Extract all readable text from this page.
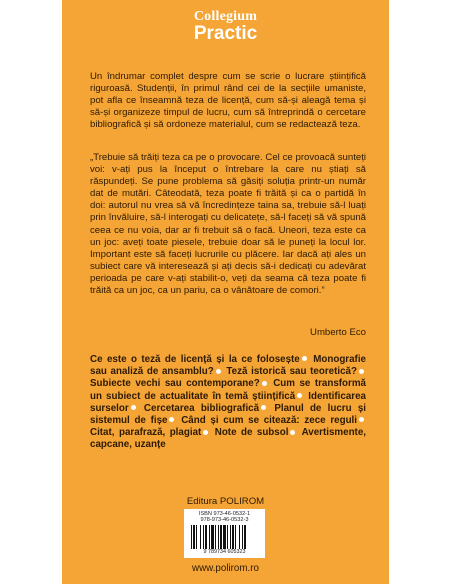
Collegium
Practic

Un îndrumar complet despre cum se scrie o lucrare științifică riguroasă. Studenții, în primul rând cei de la secțiile umaniste, pot afla ce înseamnă teza de licență, cum să-și aleagă tema și să-și organizeze timpul de lucru, cum să întreprindă o cercetare bibliografică și să ordoneze materialul, cum se redactează teza.

„Trebuie să trăiți teza ca pe o provocare. Cel ce provoacă sunteți voi: v-ați pus la început o întrebare la care nu știați să răspundeți. Se pune problema să găsiți soluția printr-un număr dat de mutări. Câteodată, teza poate fi trăită și ca o partidă în doi: autorul nu vrea să vă încredințeze taina sa, trebuie să-l luați prin învăluire, să-l interogați cu delicatețe, să-l faceți să vă spună ceea ce nu voia, dar ar fi trebuit să o facă. Uneori, teza este ca un joc: aveți toate piesele, trebuie doar să le puneți la locul lor. Important este să faceți lucrurile cu plăcere. Iar dacă ați ales un subiect care vă interesează și ați decis să-i dedicați cu adevărat perioada pe care v-ați stabilit-o, veți da seama că teza poate fi trăită ca un joc, ca un pariu, ca o vânătoare de comori.”

Umberto Eco
Ce este o teză de licență și la ce folosește Monografie sau analiză de ansamblu? Teză istorică sau teoretică? Subiecte vechi sau contemporane? Cum se transformă un subiect de actualitate în temă științifică Identificarea surselor Cercetarea bibliografică Planul de lucru și sistemul de fișe Când și cum se citează: zece reguli Citat, parafrază, plagiat Note de subsol Avertismente, capcane, uzanțe
Editura POLIROM
ISBN 973-46-0532-1
978-973-46-0532-3
9 789734 605323
www.polirom.ro
